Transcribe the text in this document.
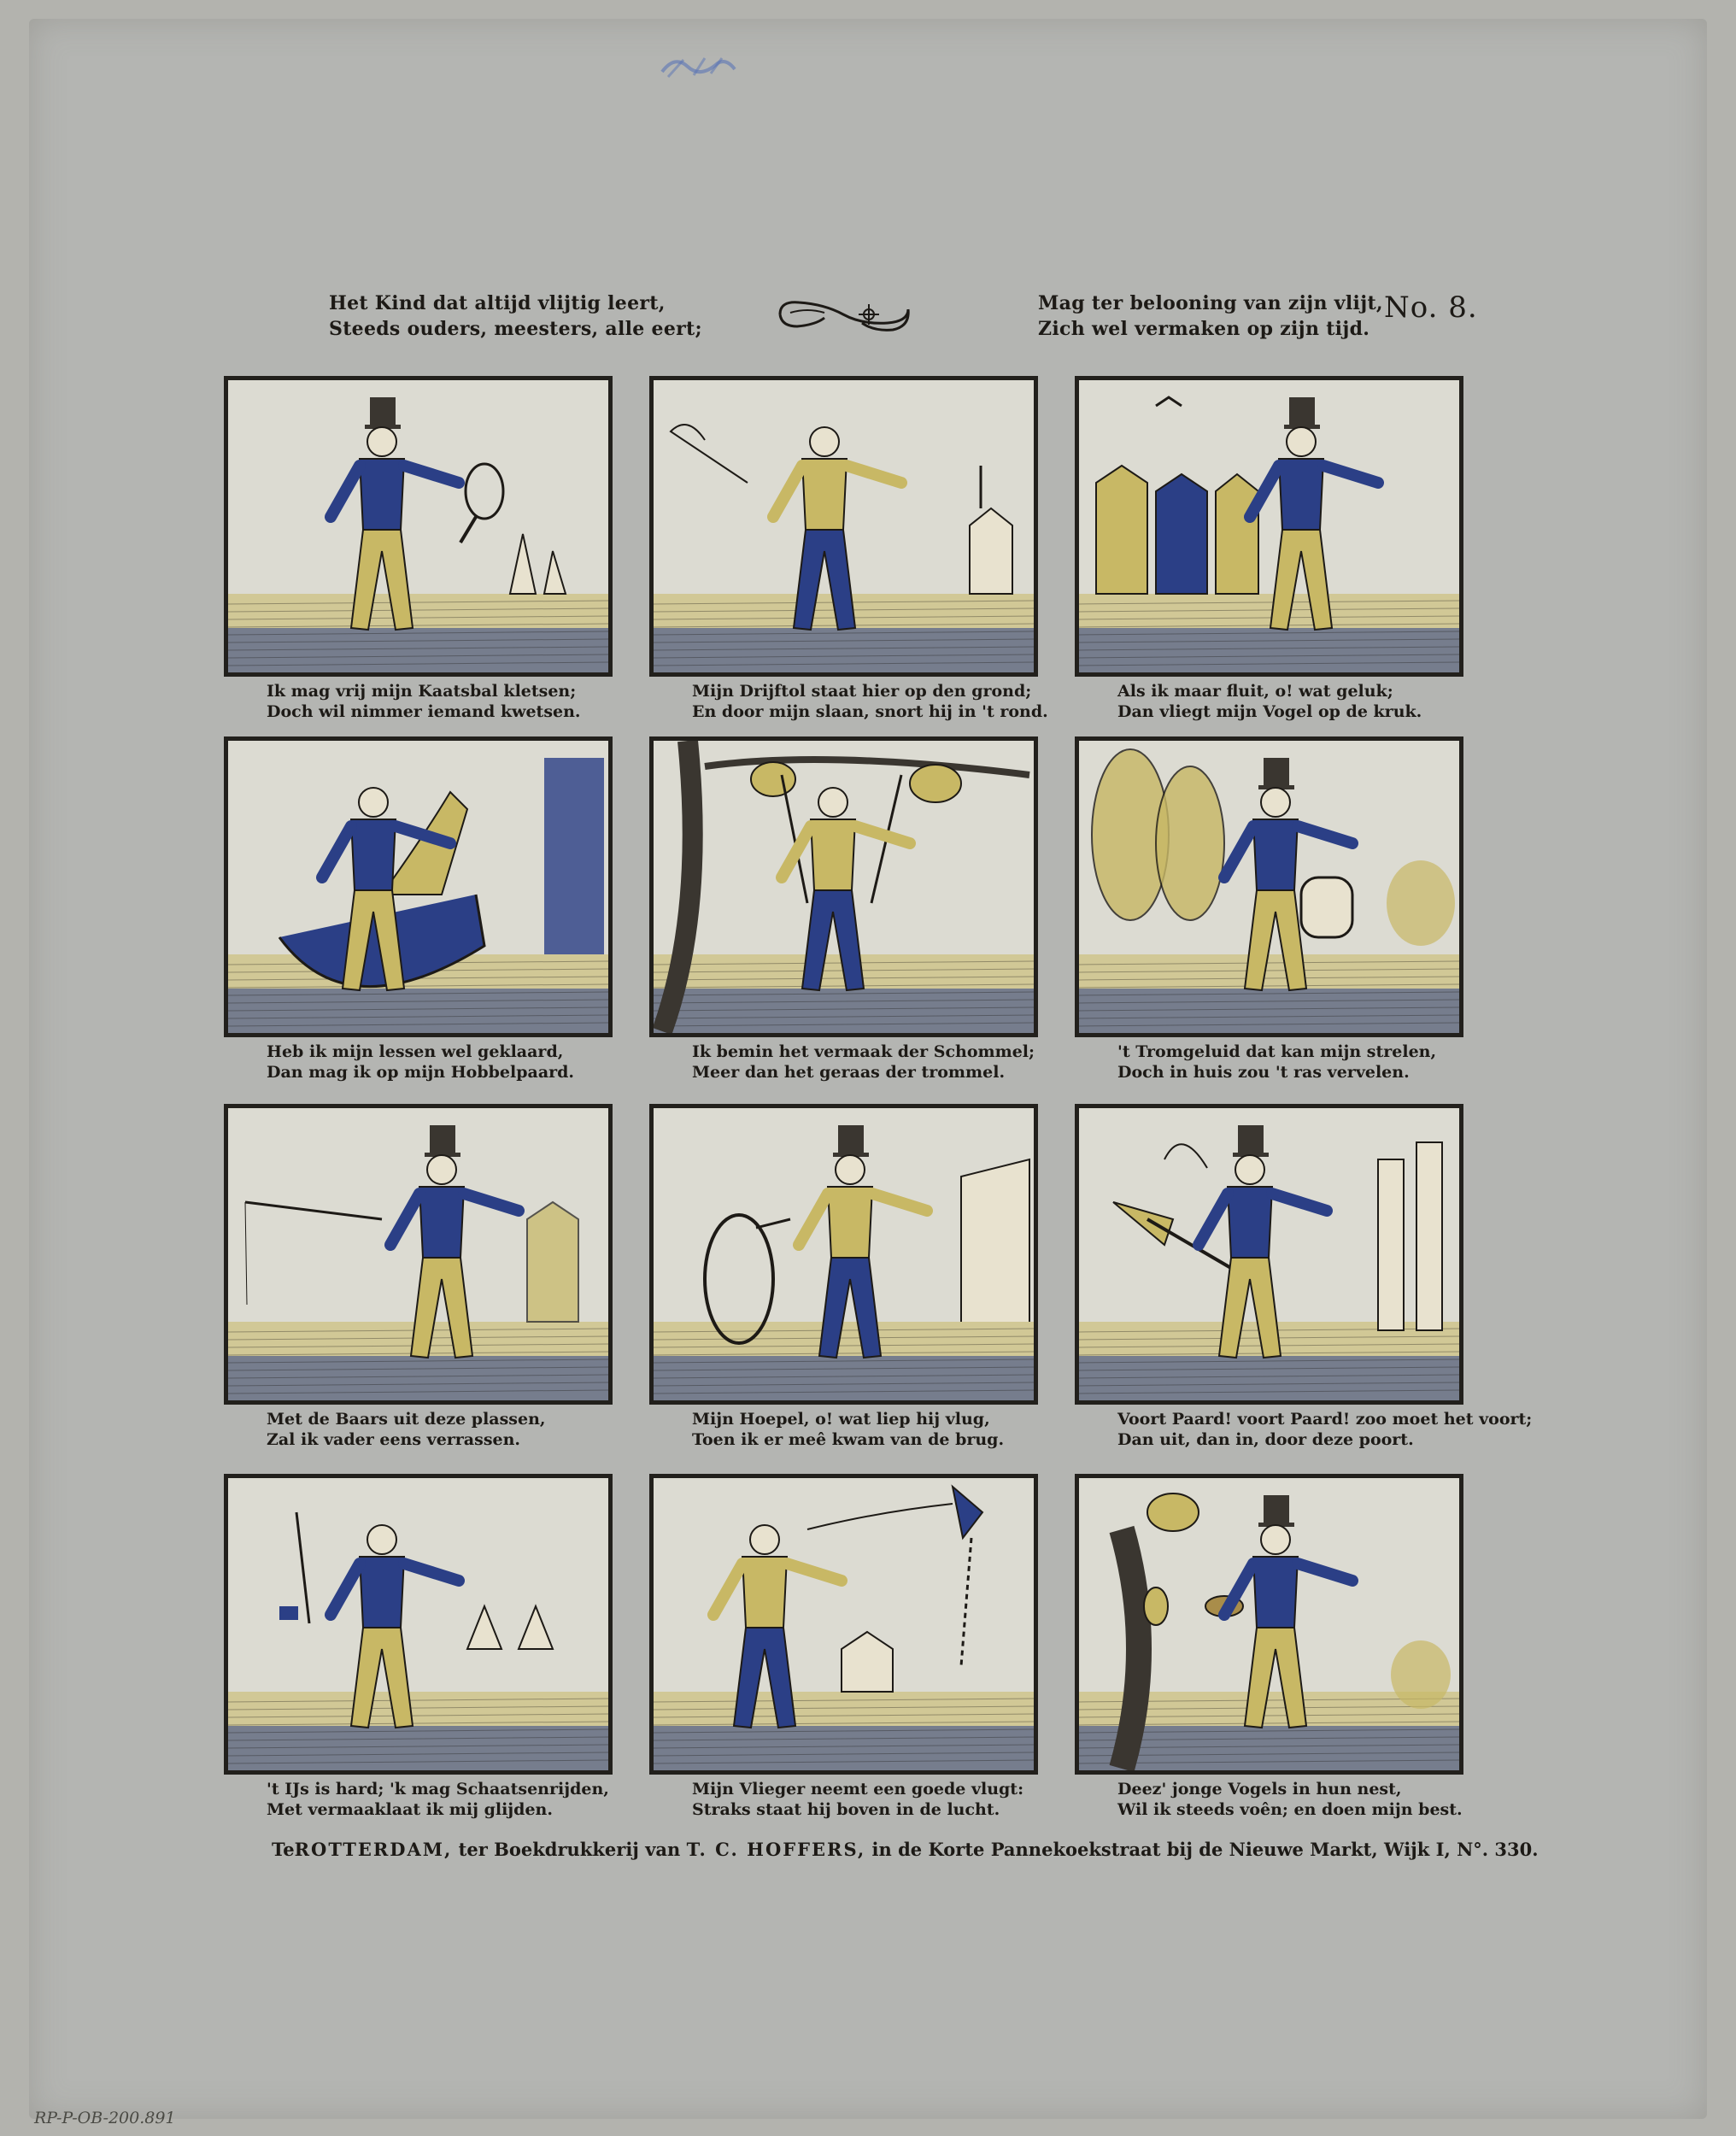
Het Kind dat altijd vlijtig leert,
Steeds ouders, meesters, alle eert;
Mag ter belooning van zijn vlijt,
Zich wel vermaken op zijn tijd.
No. 8.
Ik mag vrij mijn Kaatsbal kletsen;
Doch wil nimmer iemand kwetsen.
Mijn Drijftol staat hier op den grond;
En door mijn slaan, snort hij in 't rond.
Als ik maar fluit, o! wat geluk;
Dan vliegt mijn Vogel op de kruk.
Heb ik mijn lessen wel geklaard,
Dan mag ik op mijn Hobbelpaard.
Ik bemin het vermaak der Schommel;
Meer dan het geraas der trommel.
't Tromgeluid dat kan mijn strelen,
Doch in huis zou 't ras vervelen.
Met de Baars uit deze plassen,
Zal ik vader eens verrassen.
Mijn Hoepel, o! wat liep hij vlug,
Toen ik er meê kwam van de brug.
Voort Paard! voort Paard! zoo moet het voort;
Dan uit, dan in, door deze poort.
't IJs is hard; 'k mag Schaatsenrijden,
Met vermaaklaat ik mij glijden.
Mijn Vlieger neemt een goede vlugt:
Straks staat hij boven in de lucht.
Deez' jonge Vogels in hun nest,
Wil ik steeds voên; en doen mijn best.
TeROTTERDAM, ter Boekdrukkerij van T. C. HOFFERS, in de Korte Pannekoekstraat bij de Nieuwe Markt, Wijk I, N°. 330.
RP-P-OB-200.891
